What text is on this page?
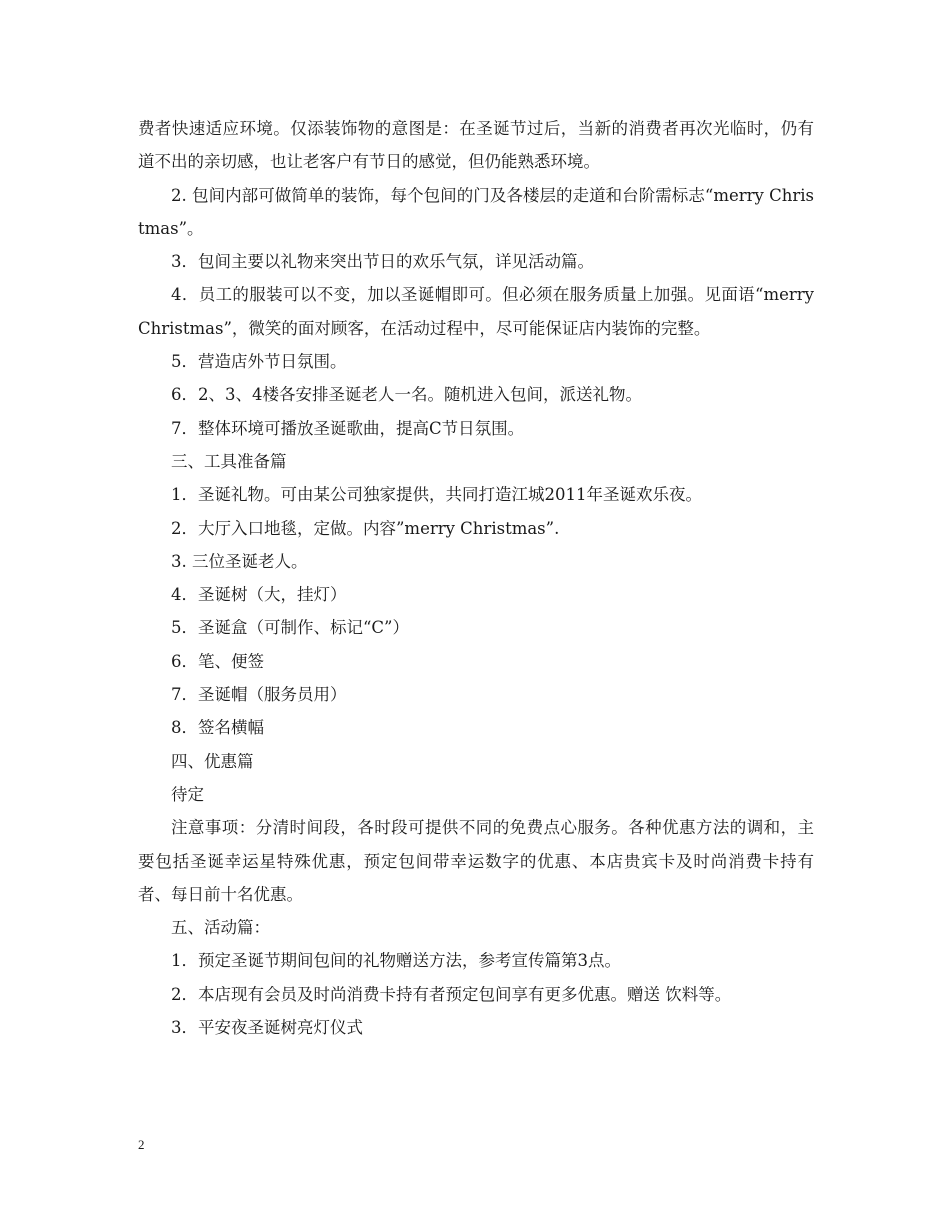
费者快速适应环境。仅添装饰物的意图是：在圣诞节过后，当新的消费者再次光临时，仍有道不出的亲切感，也让老客户有节日的感觉，但仍能熟悉环境。

2. 包间内部可做简单的装饰，每个包间的门及各楼层的走道和台阶需标志“merry Christmas”。

3．包间主要以礼物来突出节日的欢乐气氛，详见活动篇。

4．员工的服装可以不变，加以圣诞帽即可。但必须在服务质量上加强。见面语“merry Christmas”，微笑的面对顾客，在活动过程中，尽可能保证店内装饰的完整。

5．营造店外节日氛围。

6．2、3、4楼各安排圣诞老人一名。随机进入包间，派送礼物。

7．整体环境可播放圣诞歌曲，提高C节日氛围。

三、工具准备篇

1．圣诞礼物。可由某公司独家提供，共同打造江城2011年圣诞欢乐夜。

2．大厅入口地毯，定做。内容”merry Christmas”.

3. 三位圣诞老人。

4．圣诞树（大，挂灯）

5．圣诞盒（可制作、标记“C”）

6．笔、便签

7．圣诞帽（服务员用）

8．签名横幅

四、优惠篇

待定

注意事项：分清时间段，各时段可提供不同的免费点心服务。各种优惠方法的调和，主要包括圣诞幸运星特殊优惠，预定包间带幸运数字的优惠、本店贵宾卡及时尚消费卡持有者、每日前十名优惠。

五、活动篇：

1．预定圣诞节期间包间的礼物赠送方法，参考宣传篇第3点。

2．本店现有会员及时尚消费卡持有者预定包间享有更多优惠。赠送 饮料等。

3．平安夜圣诞树亮灯仪式

2
